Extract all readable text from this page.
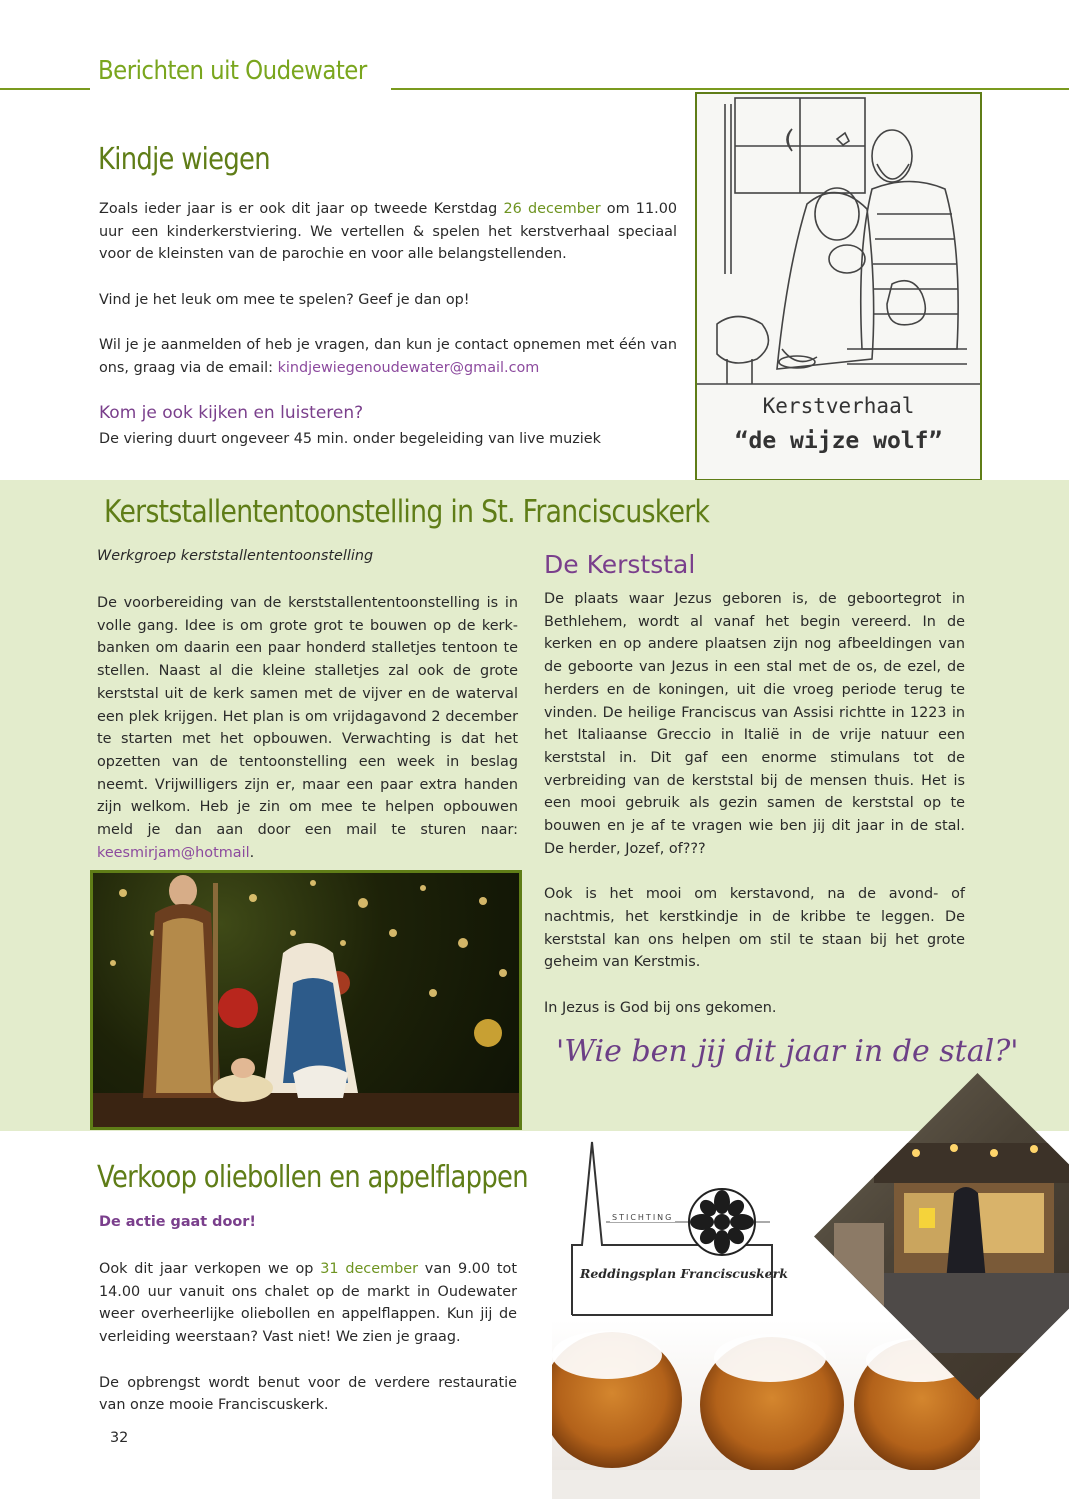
Berichten uit Oudewater
Kindje wiegen

Zoals ieder jaar is er ook dit jaar op tweede Kerstdag 26 december om 11.00 uur een kinderkerstviering. We vertellen & spelen het kerstverhaal speciaal voor de kleinsten van de parochie en voor alle belangstellenden.

Vind je het leuk om mee te spelen? Geef je dan op!

Wil je je aanmelden of heb je vragen, dan kun je contact opnemen met één van ons, graag via de email: kindjewiegenoudewater@gmail.com

Kom je ook kijken en luisteren?
De viering duurt ongeveer 45 min. onder begeleiding van live muziek
Kerstverhaal
“de wijze wolf”
Kerststallententoonstelling in St. Franciscuskerk
Werkgroep kerststallententoonstelling

De voorbereiding van de kerststallententoonstelling is in volle gang. Idee is om grote grot te bouwen op de kerk-banken om daarin een paar honderd stalletjes tentoon te stellen. Naast al die kleine stalletjes zal ook de grote kerststal uit de kerk samen met de vijver en de waterval een plek krijgen. Het plan is om vrijdagavond 2 december te starten met het opbouwen. Verwachting is dat het opzetten van de tentoonstelling een week in beslag neemt. Vrijwilligers zijn er, maar een paar extra handen zijn welkom. Heb je zin om mee te helpen opbouwen meld je dan aan door een mail te sturen naar: keesmirjam@hotmail.

De Kerststal

De plaats waar Jezus geboren is, de geboortegrot in Bethlehem, wordt al vanaf het begin vereerd. In de kerken en op andere plaatsen zijn nog afbeeldingen van de geboorte van Jezus in een stal met de os, de ezel, de herders en de koningen, uit die vroeg periode terug te vinden. De heilige Franciscus van Assisi richtte in 1223 in het Italiaanse Greccio in Italië in de vrije natuur een kerststal in. Dit gaf een enorme stimulans tot de verbreiding van de kerststal bij de mensen thuis. Het is een mooi gebruik als gezin samen de kerststal op te bouwen en je af te vragen wie ben jij dit jaar in de stal. De herder, Jozef, of???

Ook is het mooi om kerstavond, na de avond- of nachtmis, het kerstkindje in de kribbe te leggen. De kerststal kan ons helpen om stil te staan bij het grote geheim van Kerstmis.

In Jezus is God bij ons gekomen.

'Wie ben jij dit jaar in de stal?'
Verkoop oliebollen en appelflappen
De actie gaat door!

Ook dit jaar verkopen we op 31 december van 9.00 tot 14.00 uur vanuit ons chalet op de markt in Oudewater weer overheerlijke oliebollen en appelflappen. Kun jij de verleiding weerstaan? Vast niet! We zien je graag.

De opbrengst wordt benut voor de verdere restauratie van onze mooie Franciscuskerk.

STICHTING
Reddingsplan Franciscuskerk
32
